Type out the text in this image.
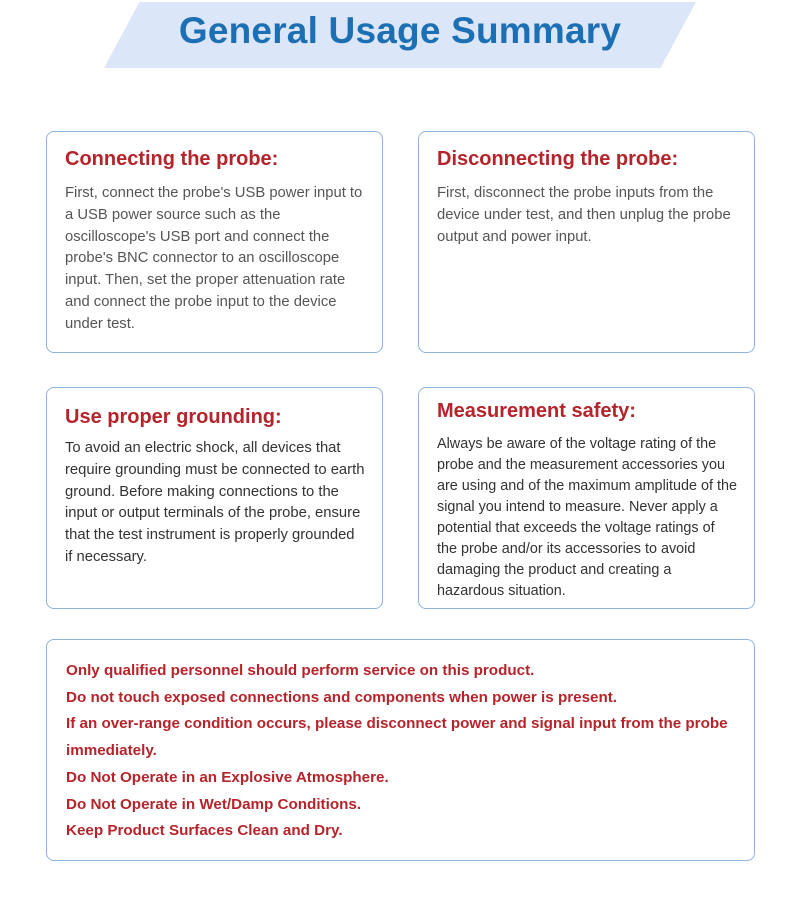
General Usage Summary
Connecting the probe:

First, connect the probe's USB power input to a USB power source such as the oscilloscope's USB port and connect the probe's BNC connector to an oscilloscope input. Then, set the proper attenuation rate and connect the probe input to the device under test.

Disconnecting the probe:

First, disconnect the probe inputs from the device under test, and then unplug the probe output and power input.

Use proper grounding:

To avoid an electric shock, all devices that require grounding must be connected to earth ground. Before making connections to the input or output terminals of the probe, ensure that the test instrument is properly grounded if necessary.

Measurement safety:

Always be aware of the voltage rating of the probe and the measurement accessories you are using and of the maximum amplitude of the signal you intend to measure. Never apply a potential that exceeds the voltage ratings of the probe and/or its accessories to avoid damaging the product and creating a hazardous situation.

Only qualified personnel should perform service on this product.
Do not touch exposed connections and components when power is present.
If an over-range condition occurs, please disconnect power and signal input from the probe immediately.
Do Not Operate in an Explosive Atmosphere.
Do Not Operate in Wet/Damp Conditions.
Keep Product Surfaces Clean and Dry.
